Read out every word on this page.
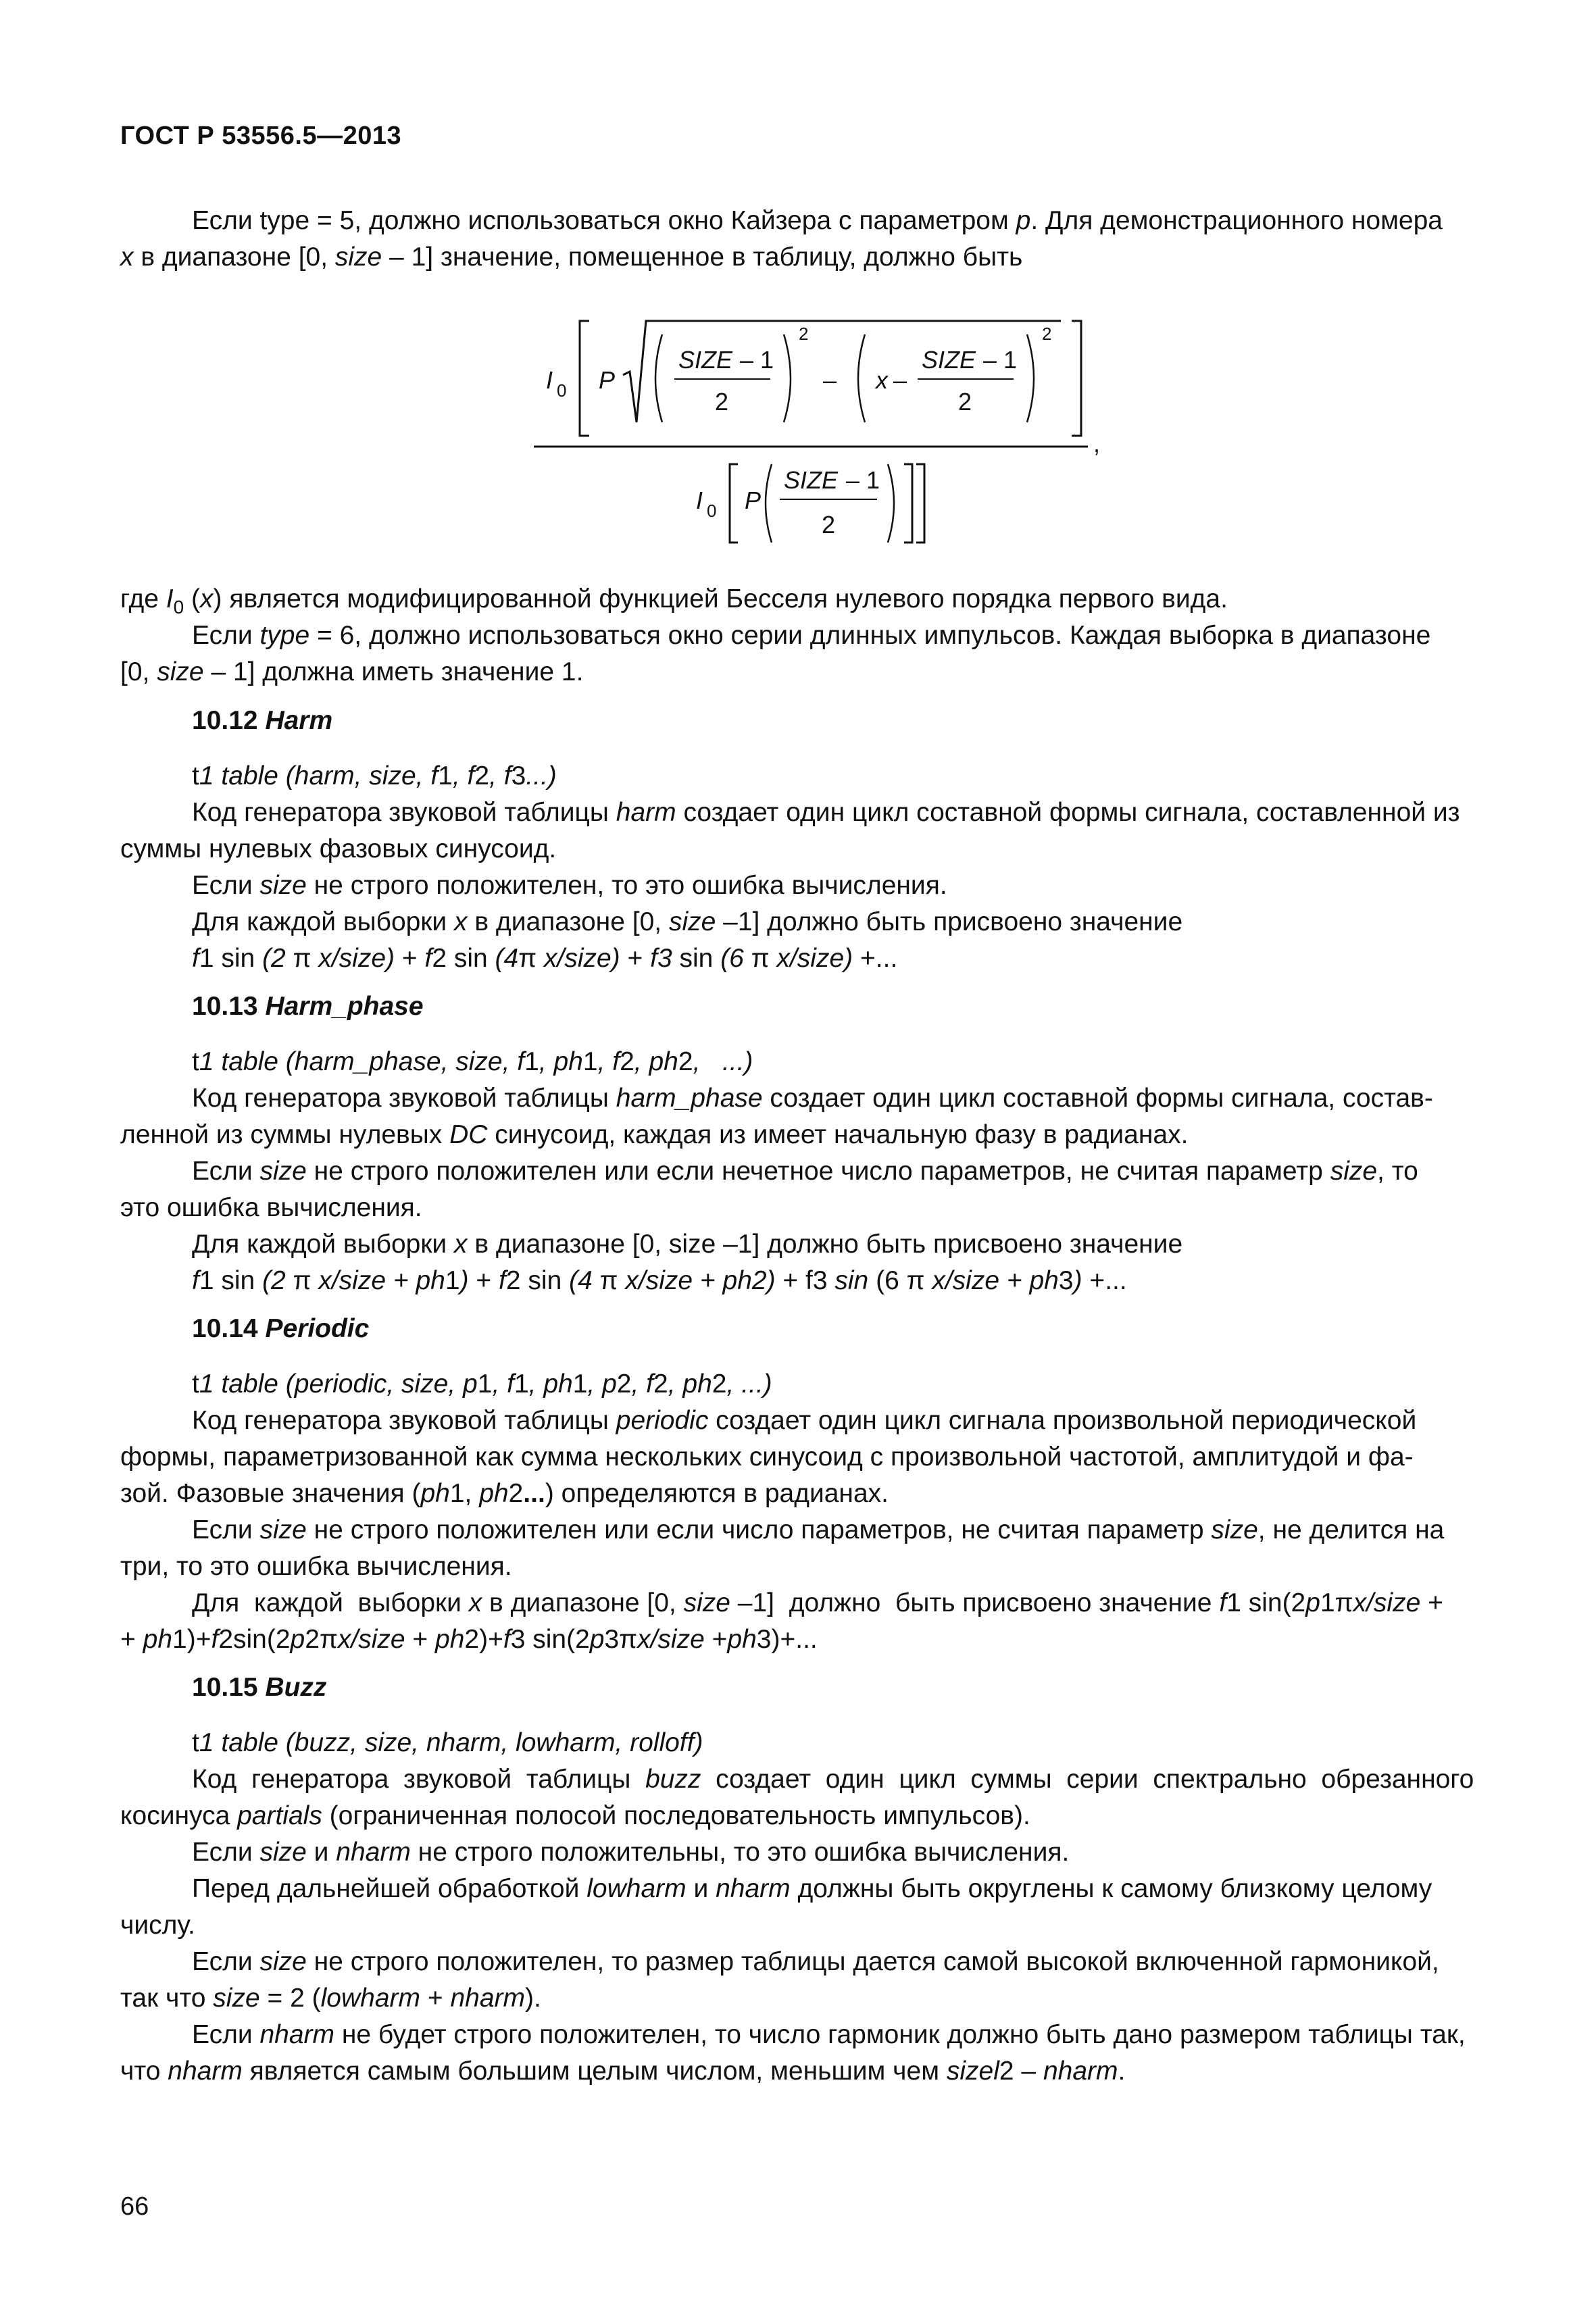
ГОСТ Р 53556.5—2013
Если type = 5, должно использоваться окно Кайзера с параметром p. Для демонстрационного номера
x в диапазоне [0, size – 1] значение, помещенное в таблицу, должно быть
I 0 P
SIZE – 1
2
2
– x –
SIZE – 1
2
2
,
I 0 P
SIZE – 1
2
где $I_0$ (x) является модифицированной функцией Бесселя нулевого порядка первого вида.
Если type = 6, должно использоваться окно серии длинных импульсов. Каждая выборка в диапазоне
[0, size – 1] должна иметь значение 1.
10.12 Harm
t1 table (harm, size, f1, f2, f3...)
Код генератора звуковой таблицы harm создает один цикл составной формы сигнала, составленной из
суммы нулевых фазовых синусоид.
Если size не строго положителен, то это ошибка вычисления.
Для каждой выборки x в диапазоне [0, size –1] должно быть присвоено значение
f1 sin (2 π x/size) + f2 sin (4π x/size) + f3 sin (6 π x/size) +...
10.13 Harm_phase
t1 table (harm_phase, size, f1, ph1, f2, ph2,   ...)
Код генератора звуковой таблицы harm_phase создает один цикл составной формы сигнала, состав-
ленной из суммы нулевых DC синусоид, каждая из имеет начальную фазу в радианах.
Если size не строго положителен или если нечетное число параметров, не считая параметр size, то
это ошибка вычисления.
Для каждой выборки x в диапазоне [0, size –1] должно быть присвоено значение
f1 sin (2 π x/size + ph1) + f2 sin (4 π x/size + ph2) + f3 sin (6 π x/size + ph3) +...
10.14 Periodic
t1 table (periodic, size, p1, f1, ph1, p2, f2, ph2, ...)
Код генератора звуковой таблицы periodic создает один цикл сигнала произвольной периодической
формы, параметризованной как сумма нескольких синусоид с произвольной частотой, амплитудой и фа-
зой. Фазовые значения (ph1, ph2...) определяются в радианах.
Если size не строго положителен или если число параметров, не считая параметр size, не делится на
три, то это ошибка вычисления.
Для  каждой  выборки x в диапазоне [0, size –1]  должно  быть присвоено значение f1 sin(2p1πx/size +
+ ph1)+f2sin(2p2πx/size + ph2)+f3 sin(2p3πx/size +ph3)+...
10.15 Buzz
t1 table (buzz, size, nharm, lowharm, rolloff)
Код  генератора  звуковой  таблицы  buzz  создает  один  цикл  суммы  серии  спектрально  обрезанного
косинуса partials (ограниченная полосой последовательность импульсов).
Если size и nharm не строго положительны, то это ошибка вычисления.
Перед дальнейшей обработкой lowharm и nharm должны быть округлены к самому близкому целому
числу.
Если size не строго положителен, то размер таблицы дается самой высокой включенной гармоникой,
так что size = 2 (lowharm + nharm).
Если nharm не будет строго положителен, то число гармоник должно быть дано размером таблицы так,
что nharm является самым большим целым числом, меньшим чем sizel2 – nharm.
66
